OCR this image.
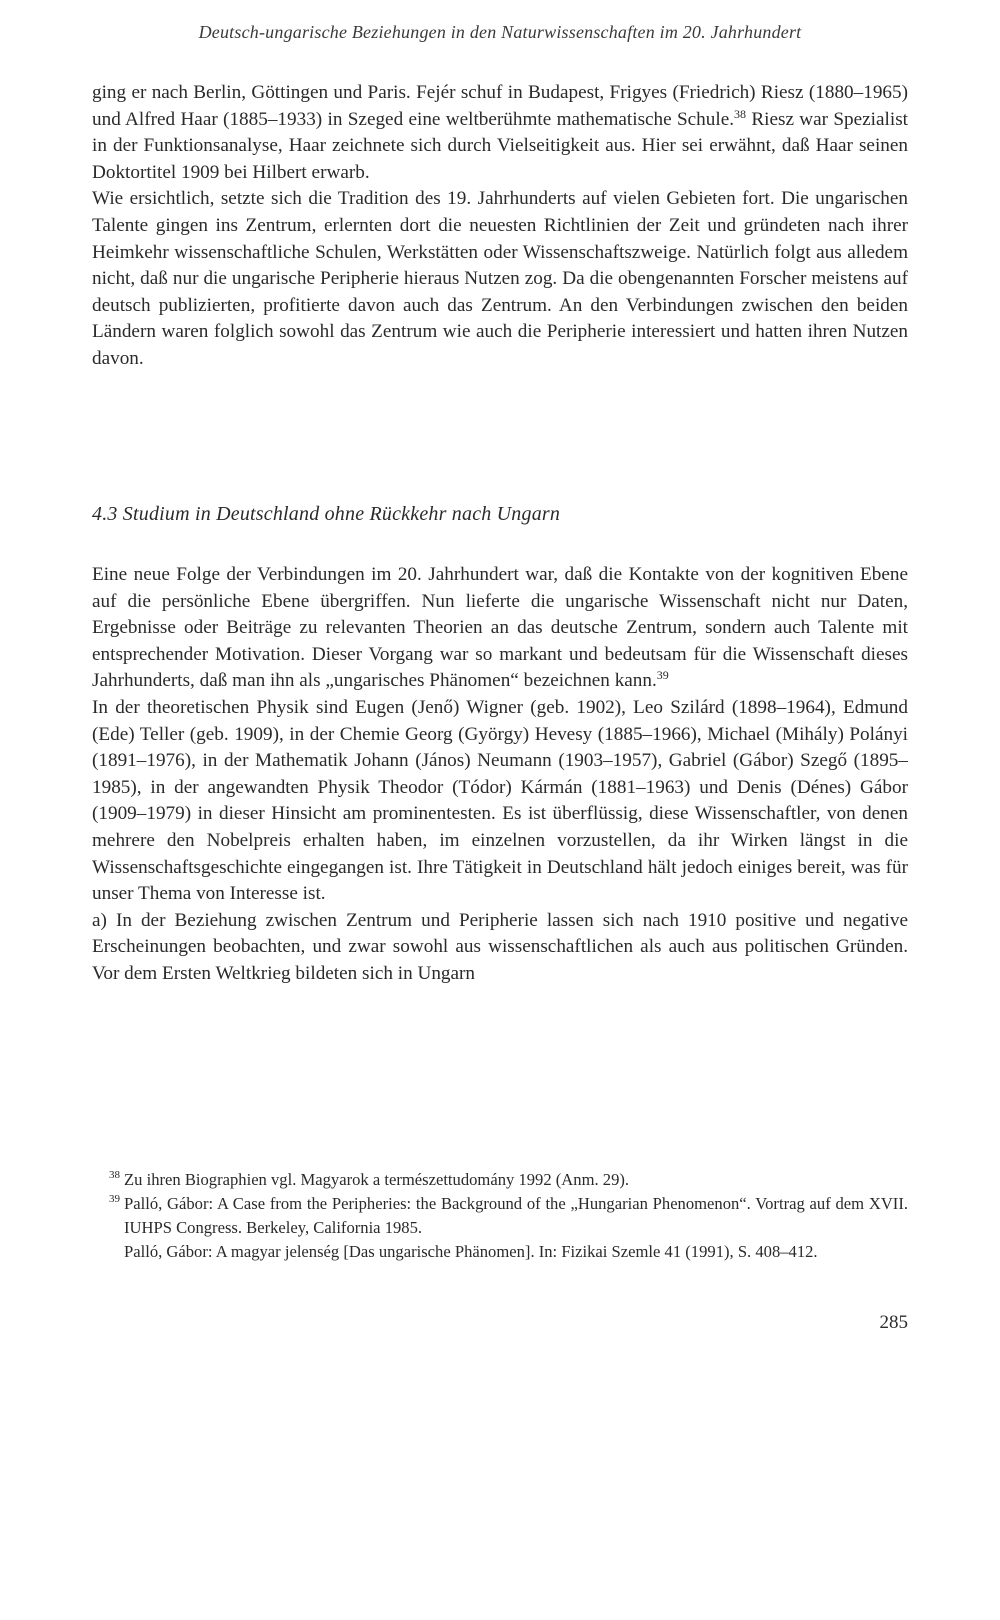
Deutsch-ungarische Beziehungen in den Naturwissenschaften im 20. Jahrhundert

ging er nach Berlin, Göttingen und Paris. Fejér schuf in Budapest, Frigyes (Friedrich) Riesz (1880–1965) und Alfred Haar (1885–1933) in Szeged eine weltberühmte mathematische Schule.$^{38}$ Riesz war Spezialist in der Funktionsanalyse, Haar zeichnete sich durch Vielseitigkeit aus. Hier sei erwähnt, daß Haar seinen Doktortitel 1909 bei Hilbert erwarb.

Wie ersichtlich, setzte sich die Tradition des 19. Jahrhunderts auf vielen Gebieten fort. Die ungarischen Talente gingen ins Zentrum, erlernten dort die neuesten Richtlinien der Zeit und gründeten nach ihrer Heimkehr wissenschaftliche Schulen, Werkstätten oder Wissenschaftszweige. Natürlich folgt aus alledem nicht, daß nur die ungarische Peripherie hieraus Nutzen zog. Da die obengenannten Forscher meistens auf deutsch publizierten, profitierte davon auch das Zentrum. An den Verbindungen zwischen den beiden Ländern waren folglich sowohl das Zentrum wie auch die Peripherie interessiert und hatten ihren Nutzen davon.

4.3 Studium in Deutschland ohne Rückkehr nach Ungarn

Eine neue Folge der Verbindungen im 20. Jahrhundert war, daß die Kontakte von der kognitiven Ebene auf die persönliche Ebene übergriffen. Nun lieferte die ungarische Wissenschaft nicht nur Daten, Ergebnisse oder Beiträge zu relevanten Theorien an das deutsche Zentrum, sondern auch Talente mit entsprechender Motivation. Dieser Vorgang war so markant und bedeutsam für die Wissenschaft dieses Jahrhunderts, daß man ihn als „ungarisches Phänomen“ bezeichnen kann.$^{39}$

In der theoretischen Physik sind Eugen (Jenő) Wigner (geb. 1902), Leo Szilárd (1898–1964), Edmund (Ede) Teller (geb. 1909), in der Chemie Georg (György) Hevesy (1885–1966), Michael (Mihály) Polányi (1891–1976), in der Mathematik Johann (János) Neumann (1903–1957), Gabriel (Gábor) Szegő (1895–1985), in der angewandten Physik Theodor (Tódor) Kármán (1881–1963) und Denis (Dénes) Gábor (1909–1979) in dieser Hinsicht am prominentesten. Es ist überflüssig, diese Wissenschaftler, von denen mehrere den Nobelpreis erhalten haben, im einzelnen vorzustellen, da ihr Wirken längst in die Wissenschaftsgeschichte eingegangen ist. Ihre Tätigkeit in Deutschland hält jedoch einiges bereit, was für unser Thema von Interesse ist.

a) In der Beziehung zwischen Zentrum und Peripherie lassen sich nach 1910 positive und negative Erscheinungen beobachten, und zwar sowohl aus wissenschaftlichen als auch aus politischen Gründen. Vor dem Ersten Weltkrieg bildeten sich in Ungarn

38 Zu ihren Biographien vgl. Magyarok a természettudomány 1992 (Anm. 29).
39 Palló, Gábor: A Case from the Peripheries: the Background of the „Hungarian Phenomenon“. Vortrag auf dem XVII. IUHPS Congress. Berkeley, California 1985.
Palló, Gábor: A magyar jelenség [Das ungarische Phänomen]. In: Fizikai Szemle 41 (1991), S. 408–412.
285
